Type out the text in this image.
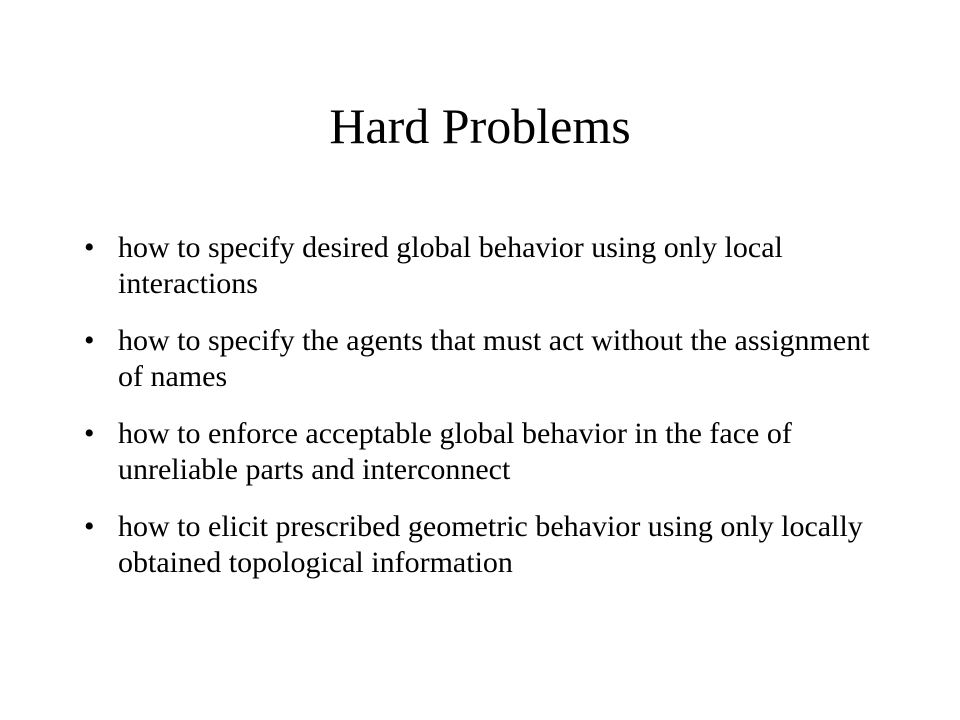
Hard Problems
• how to specify desired global behavior using only local interactions
• how to specify the agents that must act without the assignment of names
• how to enforce acceptable global behavior in the face of unreliable parts and interconnect
• how to elicit prescribed geometric behavior using only locally obtained topological information
